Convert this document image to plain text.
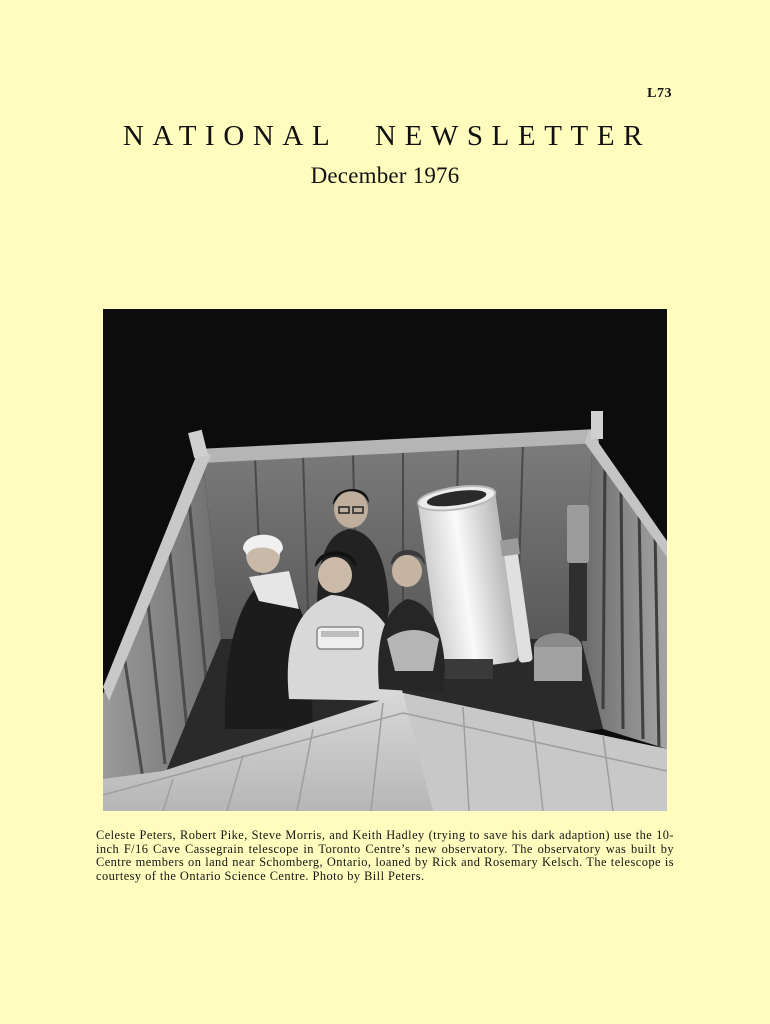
L73
NATIONAL NEWSLETTER
December 1976
Celeste Peters, Robert Pike, Steve Morris, and Keith Hadley (trying to save his dark adaption) use the 10-inch F/16 Cave Cassegrain telescope in Toronto Centre’s new observatory. The observatory was built by Centre members on land near Schomberg, Ontario, loaned by Rick and Rosemary Kelsch. The telescope is courtesy of the Ontario Science Centre. Photo by Bill Peters.
